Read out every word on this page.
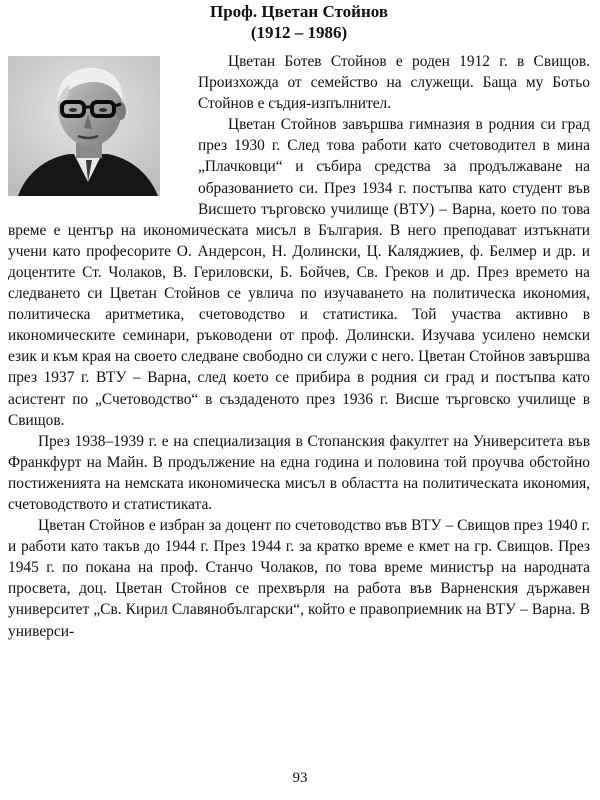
Проф. Цветан Стойнов
(1912 – 1986)

Цветан Ботев Стойнов е роден 1912 г. в Свищов. Произхожда от семейство на служещи. Баща му Ботьо Стойнов е съдия-изпълнител.

Цветан Стойнов завършва гимназия в родния си град през 1930 г. След това работи като счетоводител в мина „Плачковци“ и събира средства за продължаване на образованието си. През 1934 г. постъпва като студент във Висшето търговско училище (ВТУ) – Варна, което по това време е център на икономическата мисъл в България. В него преподават изтъкнати учени като професорите О. Андерсон, Н. Долински, Ц. Каляджиев, ф. Белмер и др. и доцентите Ст. Чолаков, В. Гериловски, Б. Бойчев, Св. Греков и др. През времето на следването си Цветан Стойнов се увлича по изучаването на политическа икономия, политическа аритметика, счетоводство и статистика. Той участва активно в икономическите семинари, ръководени от проф. Долински. Изучава усилено немски език и към края на своето следване свободно си служи с него. Цветан Стойнов завършва през 1937 г. ВТУ – Варна, след което се прибира в родния си град и постъпва като асистент по „Счетоводство“ в създаденото през 1936 г. Висше търговско училище в Свищов.

През 1938–1939 г. е на специализация в Стопанския факултет на Университета във Франкфурт на Майн. В продължение на една година и половина той проучва обстойно постиженията на немската икономическа мисъл в областта на политическата икономия, счетоводството и статистиката.

Цветан Стойнов е избран за доцент по счетоводство във ВТУ – Свищов през 1940 г. и работи като такъв до 1944 г. През 1944 г. за кратко време е кмет на гр. Свищов. През 1945 г. по покана на проф. Станчо Чолаков, по това време министър на народната просвета, доц. Цветан Стойнов се прехвърля на работа във Варненския държавен университет „Св. Кирил Славянобългарски“, който е правоприемник на ВТУ – Варна. В универси-

93
